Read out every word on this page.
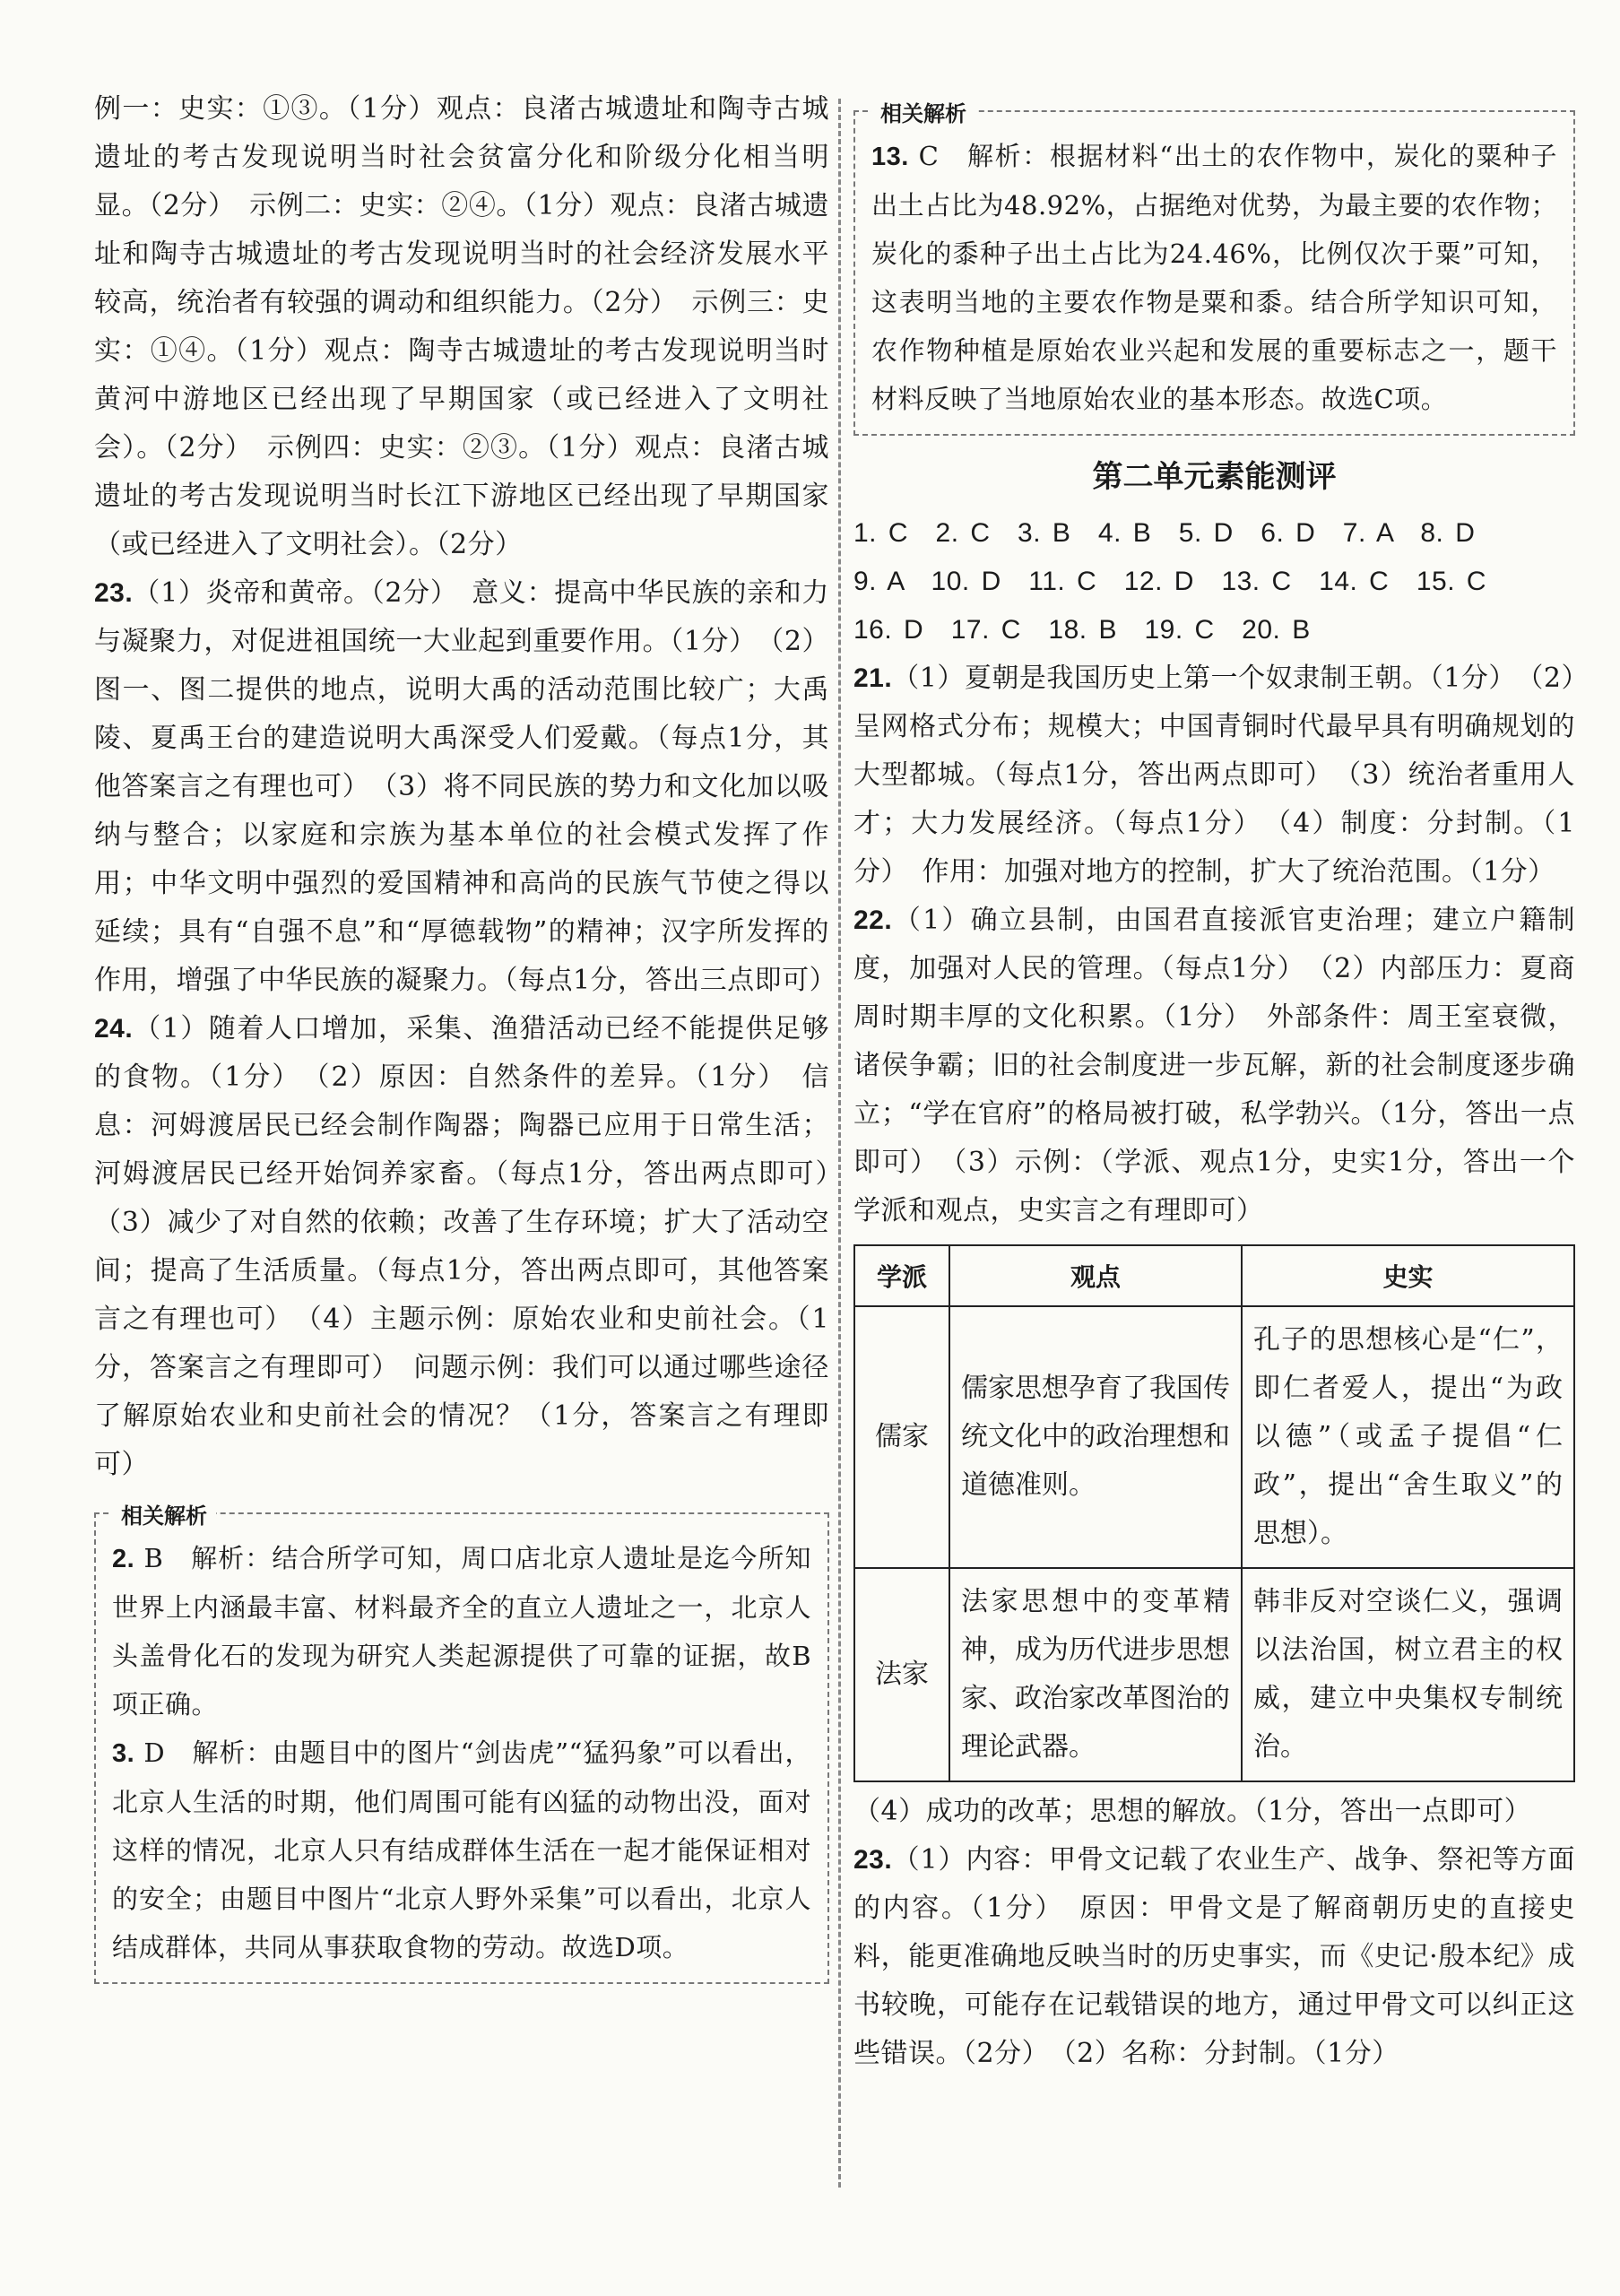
例一：史实：①③。（1分）观点：良渚古城遗址和陶寺古城遗址的考古发现说明当时社会贫富分化和阶级分化相当明显。（2分）　示例二：史实：②④。（1分）观点：良渚古城遗址和陶寺古城遗址的考古发现说明当时的社会经济发展水平较高，统治者有较强的调动和组织能力。（2分）　示例三：史实：①④。（1分）观点：陶寺古城遗址的考古发现说明当时黄河中游地区已经出现了早期国家（或已经进入了文明社会）。（2分）　示例四：史实：②③。（1分）观点：良渚古城遗址的考古发现说明当时长江下游地区已经出现了早期国家（或已经进入了文明社会）。（2分）

23.（1）炎帝和黄帝。（2分）　意义：提高中华民族的亲和力与凝聚力，对促进祖国统一大业起到重要作用。（1分）　（2）图一、图二提供的地点，说明大禹的活动范围比较广；大禹陵、夏禹王台的建造说明大禹深受人们爱戴。（每点1分，其他答案言之有理也可）　（3）将不同民族的势力和文化加以吸纳与整合；以家庭和宗族为基本单位的社会模式发挥了作用；中华文明中强烈的爱国精神和高尚的民族气节使之得以延续；具有“自强不息”和“厚德载物”的精神；汉字所发挥的作用，增强了中华民族的凝聚力。（每点1分，答出三点即可）

24.（1）随着人口增加，采集、渔猎活动已经不能提供足够的食物。（1分）　（2）原因：自然条件的差异。（1分）　信息：河姆渡居民已经会制作陶器；陶器已应用于日常生活；河姆渡居民已经开始饲养家畜。（每点1分，答出两点即可）　（3）减少了对自然的依赖；改善了生存环境；扩大了活动空间；提高了生活质量。（每点1分，答出两点即可，其他答案言之有理也可）　（4）主题示例：原始农业和史前社会。（1分，答案言之有理即可）　问题示例：我们可以通过哪些途径了解原始农业和史前社会的情况？（1分，答案言之有理即可）

相关解析

2. B　解析：结合所学可知，周口店北京人遗址是迄今所知世界上内涵最丰富、材料最齐全的直立人遗址之一，北京人头盖骨化石的发现为研究人类起源提供了可靠的证据，故B项正确。

3. D　解析：由题目中的图片“剑齿虎”“猛犸象”可以看出，北京人生活的时期，他们周围可能有凶猛的动物出没，面对这样的情况，北京人只有结成群体生活在一起才能保证相对的安全；由题目中图片“北京人野外采集”可以看出，北京人结成群体，共同从事获取食物的劳动。故选D项。

相关解析

13. C　解析：根据材料“出土的农作物中，炭化的粟种子出土占比为48.92%，占据绝对优势，为最主要的农作物；炭化的黍种子出土占比为24.46%，比例仅次于粟”可知，这表明当地的主要农作物是粟和黍。结合所学知识可知，农作物种植是原始农业兴起和发展的重要标志之一，题干材料反映了当地原始农业的基本形态。故选C项。

第二单元素能测评

1. C　2. C　3. B　4. B　5. D　6. D　7. A　8. D

9. A　10. D　11. C　12. D　13. C　14. C　15. C

16. D　17. C　18. B　19. C　20. B

21.（1）夏朝是我国历史上第一个奴隶制王朝。（1分）　（2）呈网格式分布；规模大；中国青铜时代最早具有明确规划的大型都城。（每点1分，答出两点即可）　（3）统治者重用人才；大力发展经济。（每点1分）　（4）制度：分封制。（1分）　作用：加强对地方的控制，扩大了统治范围。（1分）

22.（1）确立县制，由国君直接派官吏治理；建立户籍制度，加强对人民的管理。（每点1分）　（2）内部压力：夏商周时期丰厚的文化积累。（1分）　外部条件：周王室衰微，诸侯争霸；旧的社会制度进一步瓦解，新的社会制度逐步确立；“学在官府”的格局被打破，私学勃兴。（1分，答出一点即可）　（3）示例：（学派、观点1分，史实1分，答出一个学派和观点，史实言之有理即可）

学派	观点	史实
儒家	儒家思想孕育了我国传统文化中的政治理想和道德准则。	孔子的思想核心是“仁”，即仁者爱人，提出“为政以德”（或孟子提倡“仁政”，提出“舍生取义”的思想）。
法家	法家思想中的变革精神，成为历代进步思想家、政治家改革图治的理论武器。	韩非反对空谈仁义，强调以法治国，树立君主的权威，建立中央集权专制统治。

（4）成功的改革；思想的解放。（1分，答出一点即可）

23.（1）内容：甲骨文记载了农业生产、战争、祭祀等方面的内容。（1分）　原因：甲骨文是了解商朝历史的直接史料，能更准确地反映当时的历史事实，而《史记·殷本纪》成书较晚，可能存在记载错误的地方，通过甲骨文可以纠正这些错误。（2分）　（2）名称：分封制。（1分）
